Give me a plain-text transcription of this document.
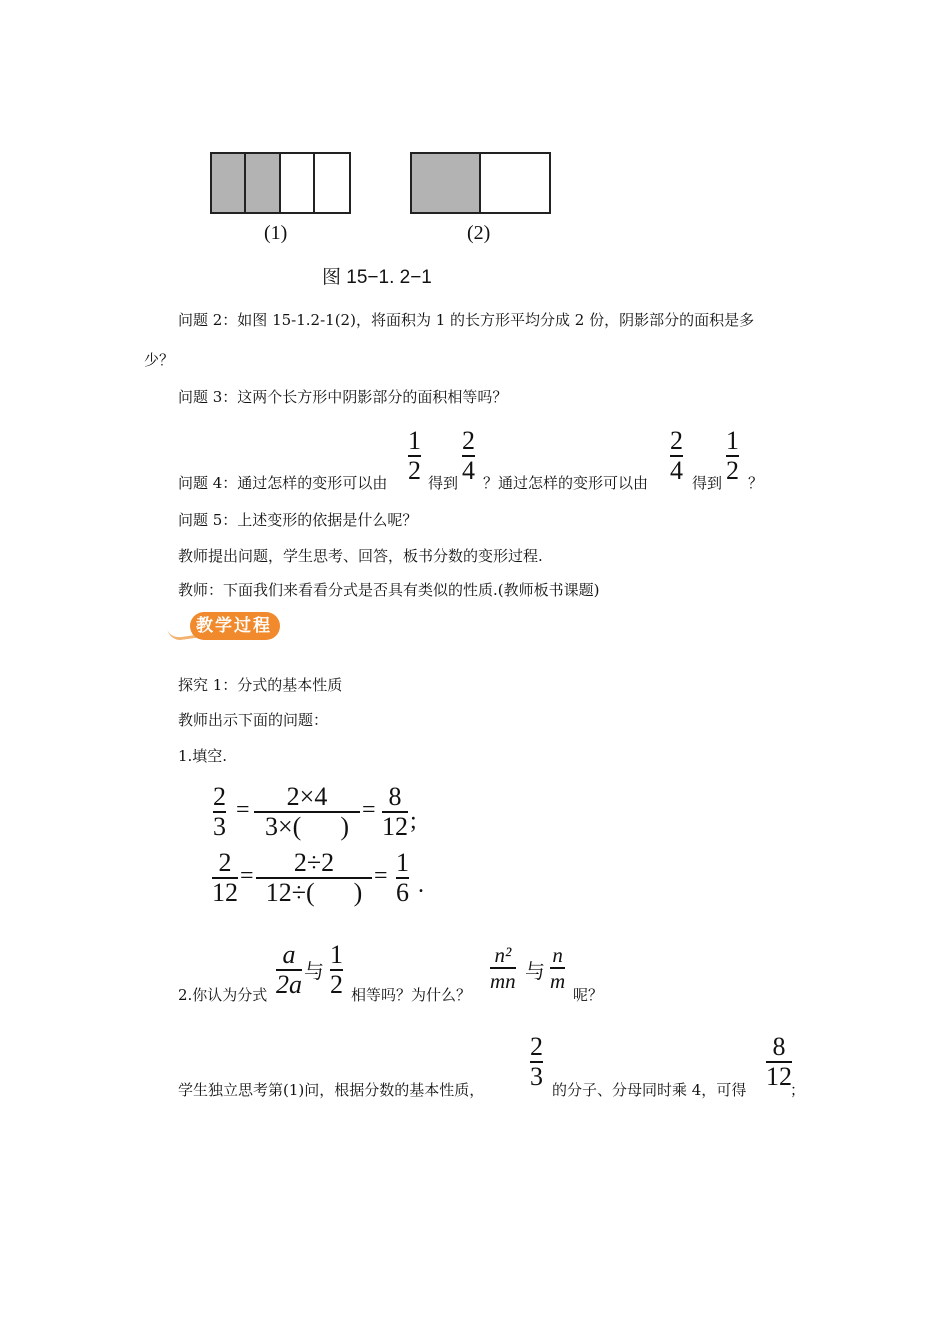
(1)	(2)
图 15−1. 2−1
问题 2：如图 15-1.2-1(2)，将面积为 1 的长方形平均分成 2 份，阴影部分的面积是多
少？
问题 3：这两个长方形中阴影部分的面积相等吗？
问题 4：通过怎样的变形可以由
1
2 得到
2
4 ？通过怎样的变形可以由
2
4 得到
1
2 ？
问题 5：上述变形的依据是什么呢？
教师提出问题，学生思考、回答，板书分数的变形过程.
教师：下面我们来看看分式是否具有类似的性质.(教师板书课题)
教学过程
探究 1：分式的基本性质
教师出示下面的问题：
1.填空.
2
3
= 2×4
3×(      )
= 8
12 ;
2
12
= 2÷2
12÷(      )
= 1
6 .
2.你认为分式
a
2a 与
1
2 相等吗？为什么？
n²
mn 与
n
m
呢？
学生独立思考第(1)问，根据分数的基本性质，
2
3 的分子、分母同时乘 4，可得
8
12
；
